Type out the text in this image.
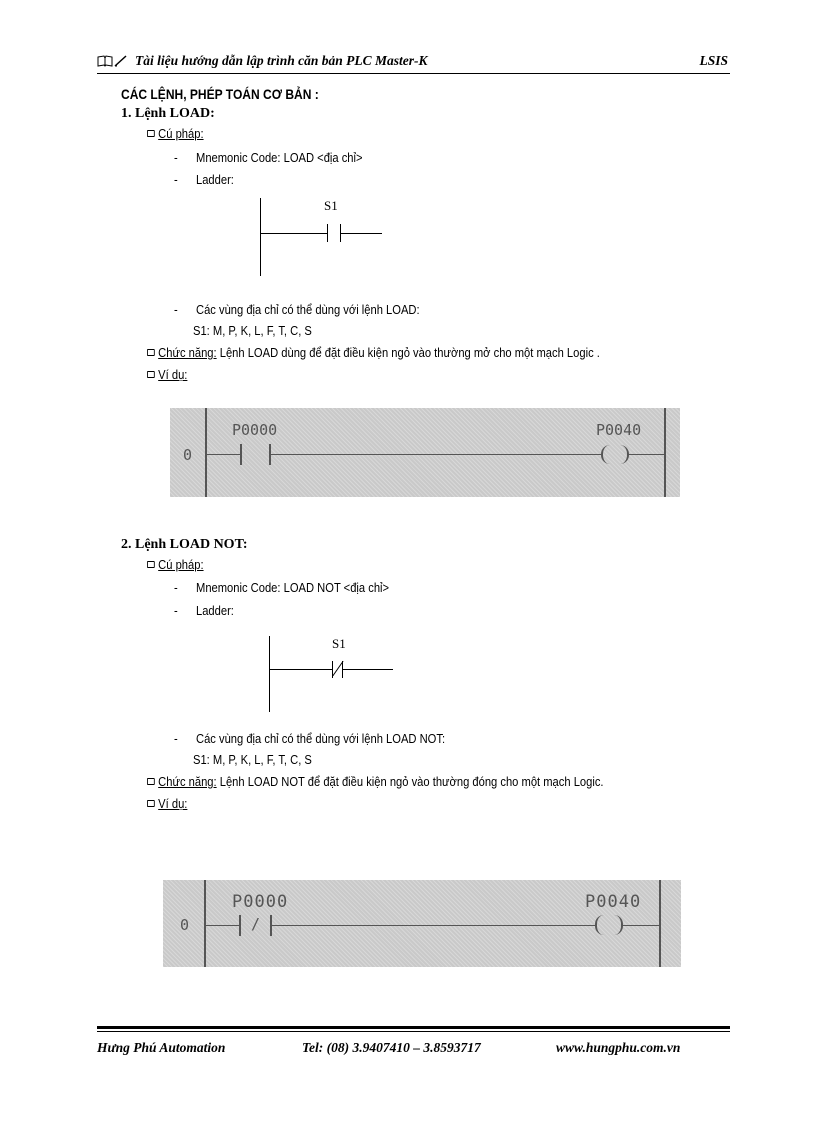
Tài liệu hướng dẫn lập trình căn bản PLC Master-K	LSIS
CÁC LỆNH, PHÉP TOÁN CƠ BẢN :
1. Lệnh LOAD:
Cú pháp:
- Mnemonic Code: LOAD <địa chỉ>
- Ladder:
S1
- Các vùng địa chỉ có thể dùng với lệnh LOAD:
S1: M, P, K, L, F, T, C, S
Chức năng: Lệnh LOAD dùng để đặt điều kiện ngỏ vào thường mở cho một mạch Logic .
Ví dụ:
0
P0000	P0040
2. Lệnh LOAD NOT:
Cú pháp:
- Mnemonic Code: LOAD NOT <địa chỉ>
- Ladder:
S1
- Các vùng địa chỉ có thể dùng với lệnh LOAD NOT:
S1: M, P, K, L, F, T, C, S
Chức năng: Lệnh LOAD NOT để đặt điều kiện ngỏ vào thường đóng cho một mạch Logic.
Ví dụ:
0
P0000	P0040
/
Hưng Phú Automation	Tel: (08) 3.9407410 – 3.8593717	www.hungphu.com.vn
